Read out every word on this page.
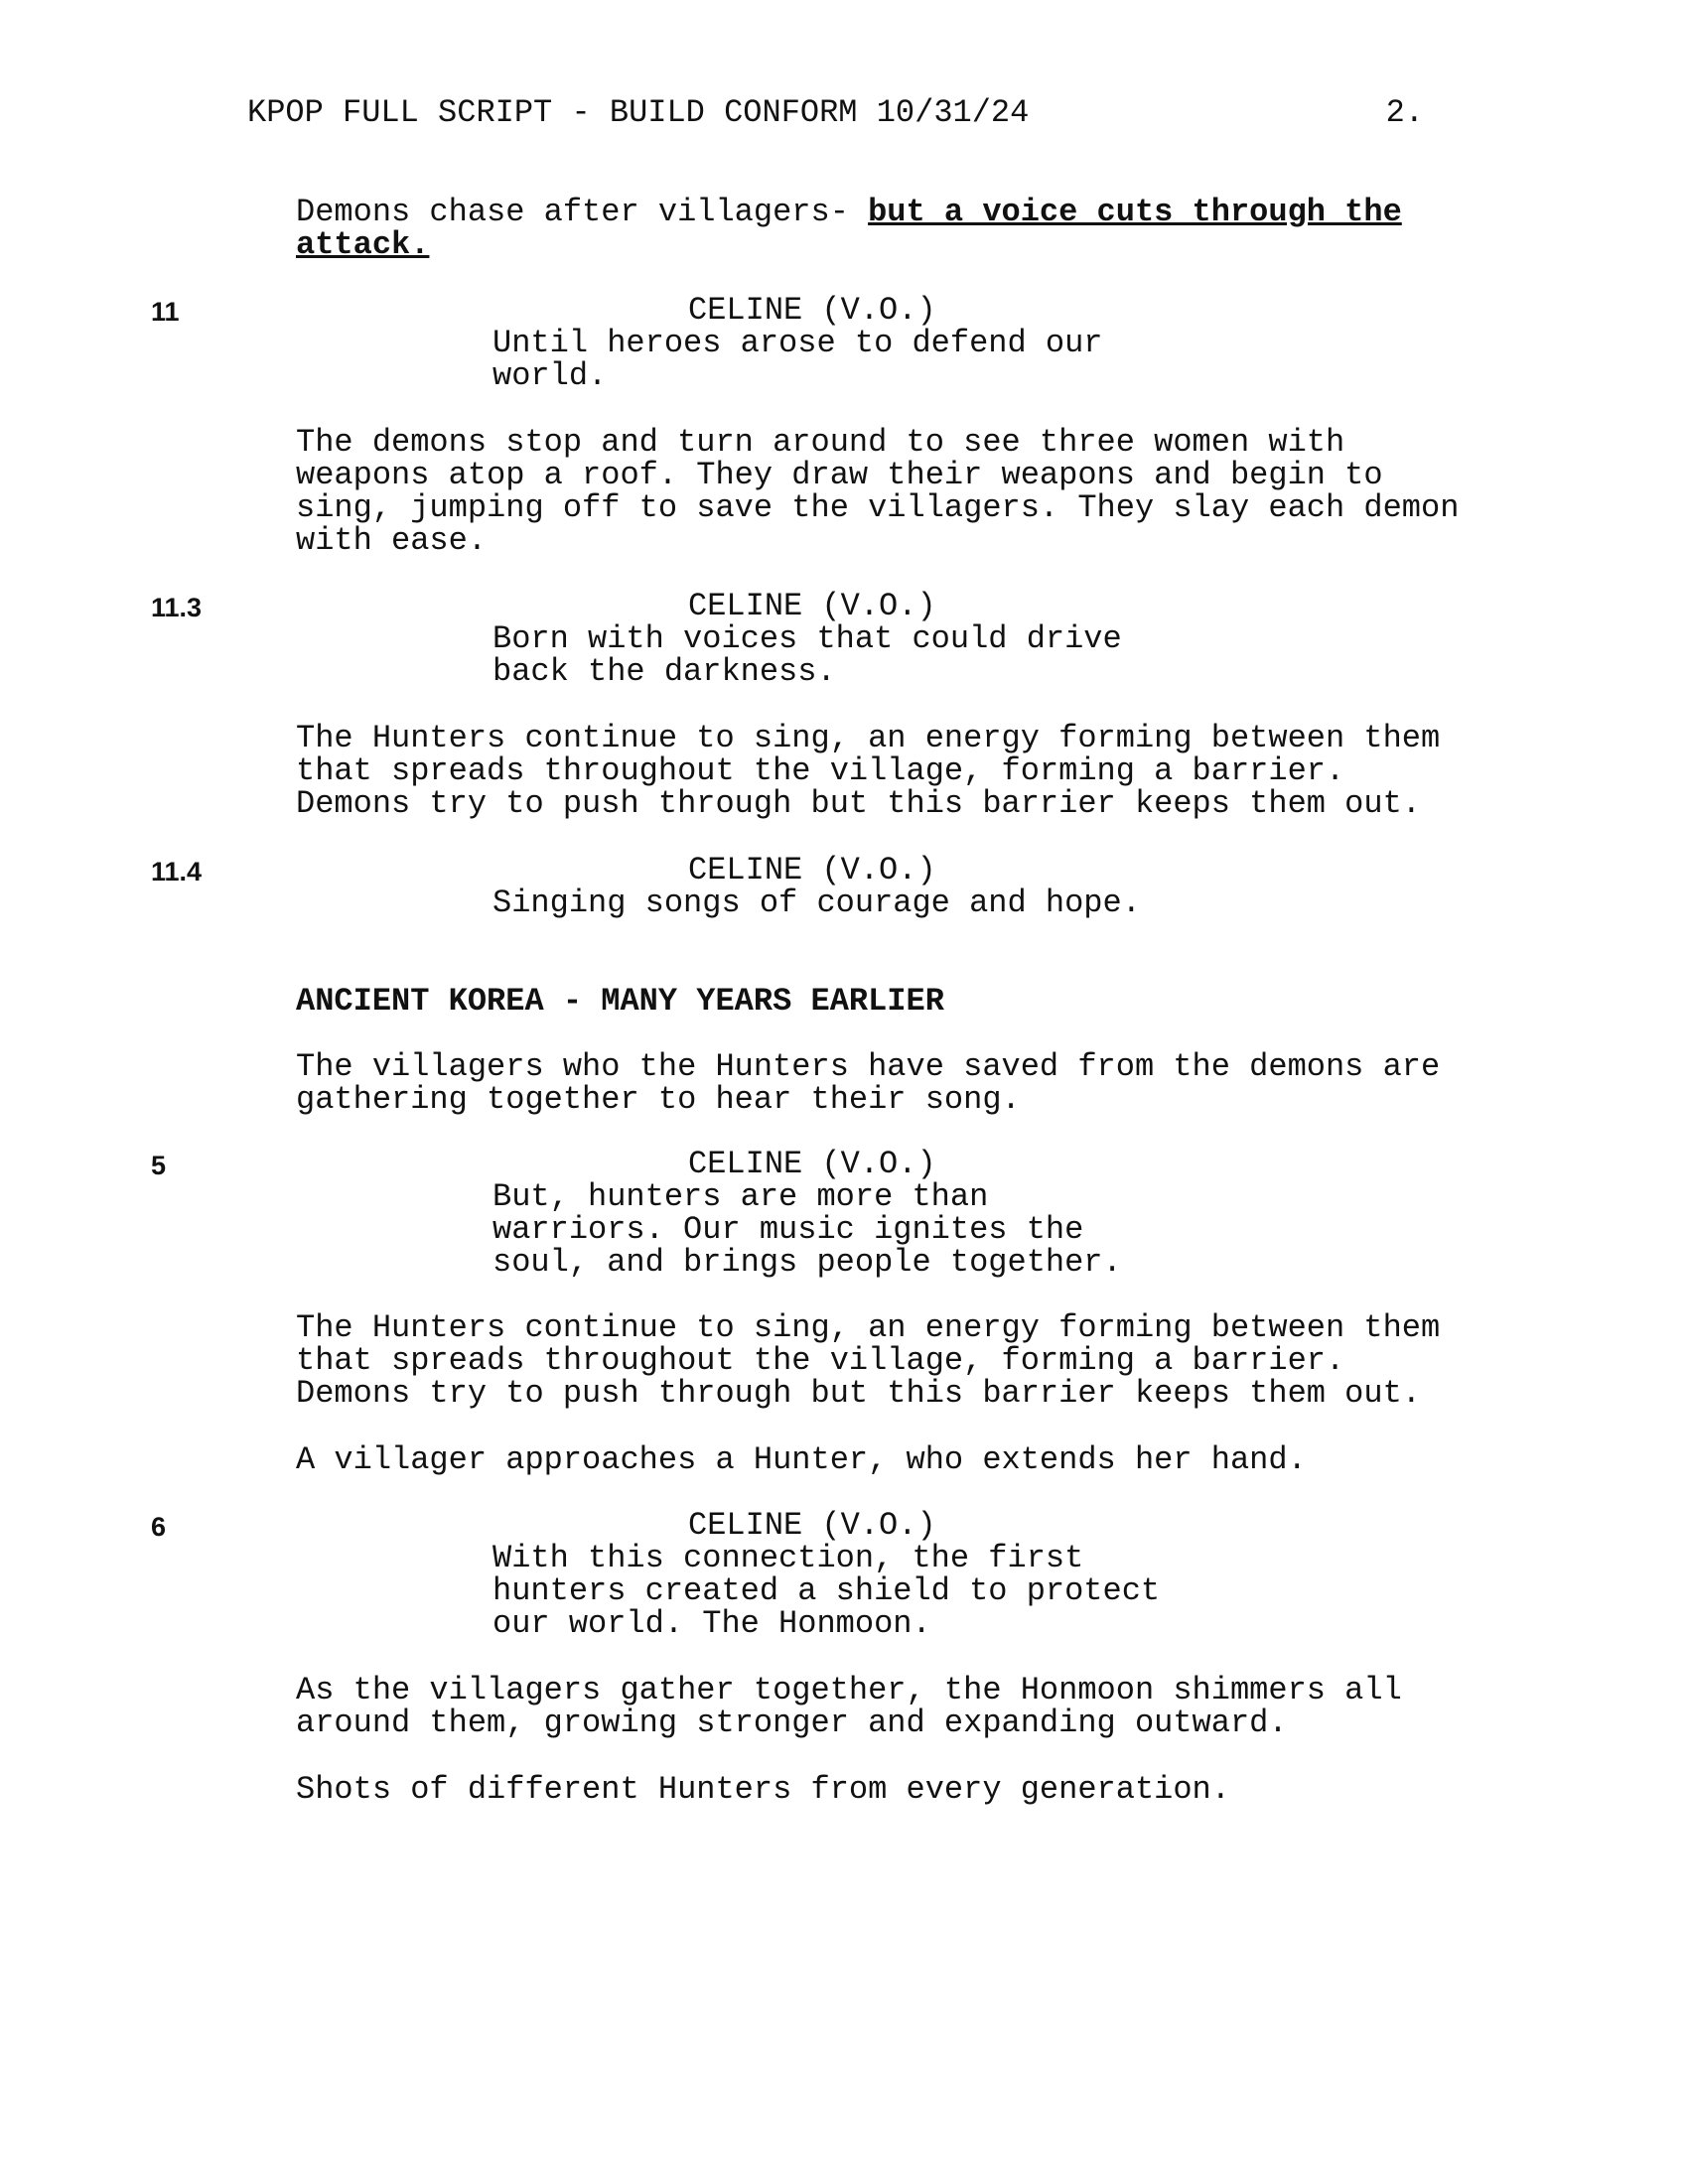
KPOP FULL SCRIPT - BUILD CONFORM 10/31/24	2.
Demons chase after villagers- but a voice cuts through the
attack.
11	CELINE (V.O.)
Until heroes arose to defend our
world.
The demons stop and turn around to see three women with
weapons atop a roof. They draw their weapons and begin to
sing, jumping off to save the villagers. They slay each demon
with ease.
11.3	CELINE (V.O.)
Born with voices that could drive
back the darkness.
The Hunters continue to sing, an energy forming between them
that spreads throughout the village, forming a barrier.
Demons try to push through but this barrier keeps them out.
11.4	CELINE (V.O.)
Singing songs of courage and hope.
ANCIENT KOREA - MANY YEARS EARLIER
The villagers who the Hunters have saved from the demons are
gathering together to hear their song.
5	CELINE (V.O.)
But, hunters are more than
warriors. Our music ignites the
soul, and brings people together.
The Hunters continue to sing, an energy forming between them
that spreads throughout the village, forming a barrier.
Demons try to push through but this barrier keeps them out.
A villager approaches a Hunter, who extends her hand.
6	CELINE (V.O.)
With this connection, the first
hunters created a shield to protect
our world. The Honmoon.
As the villagers gather together, the Honmoon shimmers all
around them, growing stronger and expanding outward.
Shots of different Hunters from every generation.
